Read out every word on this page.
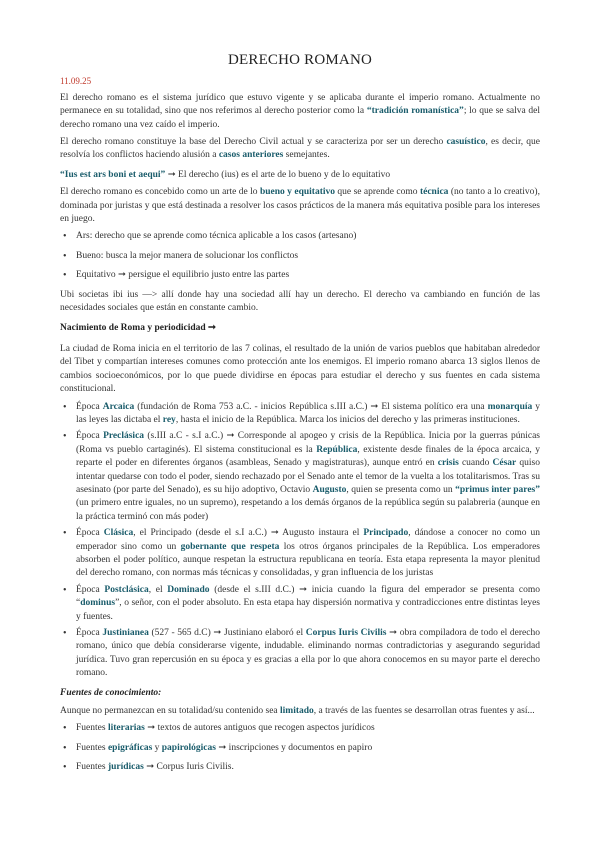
DERECHO ROMANO
11.09.25

El derecho romano es el sistema jurídico que estuvo vigente y se aplicaba durante el imperio romano. Actualmente no permanece en su totalidad, sino que nos referimos al derecho posterior como la “tradición romanística”; lo que se salva del derecho romano una vez caído el imperio.

El derecho romano constituye la base del Derecho Civil actual y se caracteriza por ser un derecho casuístico, es decir, que resolvía los conflictos haciendo alusión a casos anteriores semejantes.

“Ius est ars boni et aequi” ➞ El derecho (ius) es el arte de lo bueno y de lo equitativo

El derecho romano es concebido como un arte de lo bueno y equitativo que se aprende como técnica (no tanto a lo creativo), dominada por juristas y que está destinada a resolver los casos prácticos de la manera más equitativa posible para los intereses en juego.

• Ars: derecho que se aprende como técnica aplicable a los casos (artesano)
• Bueno: busca la mejor manera de solucionar los conflictos
• Equitativo ➞ persigue el equilibrio justo entre las partes

Ubi societas ibi ius —> allí donde hay una sociedad allí hay un derecho. El derecho va cambiando en función de las necesidades sociales que están en constante cambio.

Nacimiento de Roma y periodicidad ➞

La ciudad de Roma inicia en el territorio de las 7 colinas, el resultado de la unión de varios pueblos que habitaban alrededor del Tibet y compartían intereses comunes como protección ante los enemigos. El imperio romano abarca 13 siglos llenos de cambios socioeconómicos, por lo que puede dividirse en épocas para estudiar el derecho y sus fuentes en cada sistema constitucional.

• Época Arcaica (fundación de Roma 753 a.C. - inicios República s.III a.C.) ➞ El sistema político era una monarquía y las leyes las dictaba el rey, hasta el inicio de la República. Marca los inicios del derecho y las primeras instituciones.
• Época Preclásica (s.III a.C - s.I a.C.) ➞ Corresponde al apogeo y crisis de la República. Inicia por la guerras púnicas (Roma vs pueblo cartaginés). El sistema constitucional es la República, existente desde finales de la época arcaica, y reparte el poder en diferentes órganos (asambleas, Senado y magistraturas), aunque entró en crisis cuando César quiso intentar quedarse con todo el poder, siendo rechazado por el Senado ante el temor de la vuelta a los totalitarismos. Tras su asesinato (por parte del Senado), es su hijo adoptivo, Octavio Augusto, quien se presenta como un “primus inter pares” (un primero entre iguales, no un supremo), respetando a los demás órganos de la república según su palabreria (aunque en la práctica terminó con más poder)
• Época Clásica, el Principado (desde el s.I a.C.) ➞ Augusto instaura el Principado, dándose a conocer no como un emperador sino como un gobernante que respeta los otros órganos principales de la República. Los emperadores absorben el poder político, aunque respetan la estructura republicana en teoría. Esta etapa representa la mayor plenitud del derecho romano, con normas más técnicas y consolidadas, y gran influencia de los juristas
• Época Postclásica, el Dominado (desde el s.III d.C.) ➞ inicia cuando la figura del emperador se presenta como “dominus”, o señor, con el poder absoluto. En esta etapa hay dispersión normativa y contradicciones entre distintas leyes y fuentes.
• Época Justinianea (527 - 565 d.C) ➞ Justiniano elaboró el Corpus Iuris Civilis ➞ obra compiladora de todo el derecho romano, único que debía considerarse vigente, indudable. eliminando normas contradictorias y asegurando seguridad jurídica. Tuvo gran repercusión en su época y es gracias a ella por lo que ahora conocemos en su mayor parte el derecho romano.
Fuentes de conocimiento:

Aunque no permanezcan en su totalidad/su contenido sea limitado, a través de las fuentes se desarrollan otras fuentes y así...

• Fuentes literarias ➞ textos de autores antiguos que recogen aspectos jurídicos
• Fuentes epigráficas y papirológicas ➞ inscripciones y documentos en papiro
• Fuentes jurídicas ➞ Corpus Iuris Civilis.
